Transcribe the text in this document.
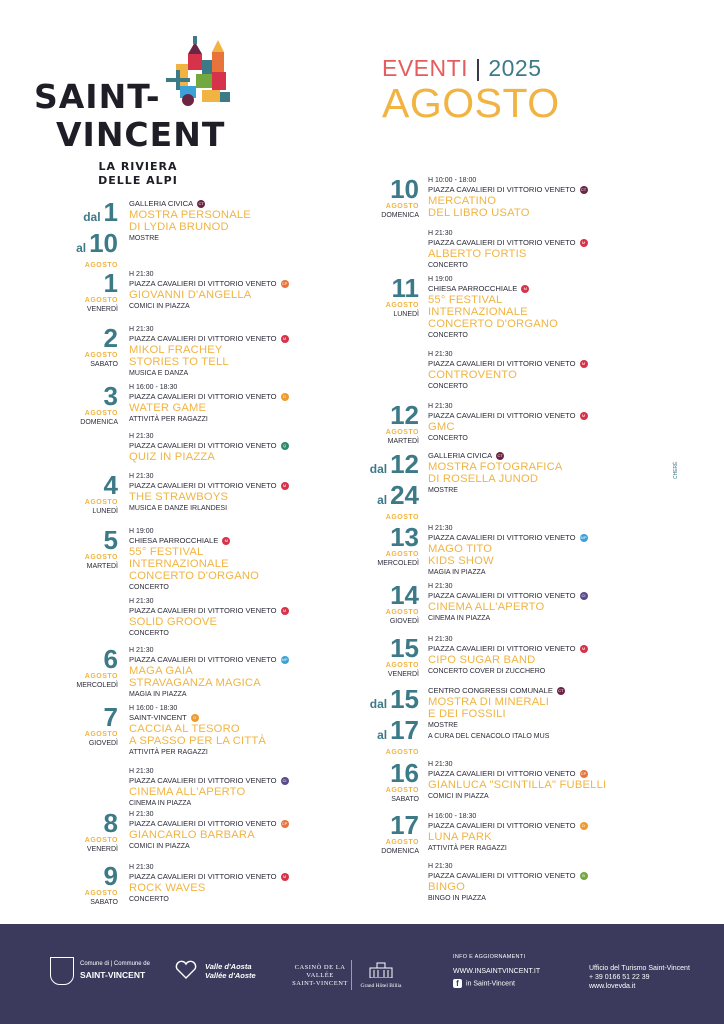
SAINT-
VINCENT
LA RIVIERA
DELLE ALPI
EVENTI | 2025
AGOSTO
dal 1
al 10
AGOSTO
GALLERIA CIVICA CT
MOSTRA PERSONALE
DI LYDIA BRUNOD
MOSTRE
1
AGOSTO
VENERDÌ
H 21:30
PIAZZA CAVALIERI DI VITTORIO VENETO CP
GIOVANNI D'ANGELLA
COMICI IN PIAZZA
2
AGOSTO
SABATO
H 21:30
PIAZZA CAVALIERI DI VITTORIO VENETO M
MIKOL FRACHEY
STORIES TO TELL
MUSICA E DANZA
3
AGOSTO
DOMENICA
H 16:00 - 18:30
PIAZZA CAVALIERI DI VITTORIO VENETO D
WATER GAME
ATTIVITÀ PER RAGAZZI
H 21:30
PIAZZA CAVALIERI DI VITTORIO VENETO Q
QUIZ IN PIAZZA
4
AGOSTO
LUNEDÌ
H 21:30
PIAZZA CAVALIERI DI VITTORIO VENETO M
THE STRAWBOYS
MUSICA E DANZE IRLANDESI
5
AGOSTO
MARTEDÌ
H 19:00
CHIESA PARROCCHIALE M
55° FESTIVAL
INTERNAZIONALE
CONCERTO D'ORGANO
CONCERTO
H 21:30
PIAZZA CAVALIERI DI VITTORIO VENETO M
SOLID GROOVE
CONCERTO
6
AGOSTO
MERCOLEDÌ
H 21:30
PIAZZA CAVALIERI DI VITTORIO VENETO MP
MAGA GAIA
STRAVAGANZA MAGICA
MAGIA IN PIAZZA
7
AGOSTO
GIOVEDÌ
H 16:00 - 18:30
SAINT-VINCENT D
CACCIA AL TESORO
A SPASSO PER LA CITTÀ
ATTIVITÀ PER RAGAZZI
H 21:30
PIAZZA CAVALIERI DI VITTORIO VENETO CI
CINEMA ALL'APERTO
CINEMA IN PIAZZA
8
AGOSTO
VENERDÌ
H 21:30
PIAZZA CAVALIERI DI VITTORIO VENETO CP
GIANCARLO BARBARA
COMICI IN PIAZZA
9
AGOSTO
SABATO
H 21:30
PIAZZA CAVALIERI DI VITTORIO VENETO M
ROCK WAVES
CONCERTO
10
AGOSTO
DOMENICA
H 10:00 - 18:00
PIAZZA CAVALIERI DI VITTORIO VENETO CT
MERCATINO
DEL LIBRO USATO
H 21:30
PIAZZA CAVALIERI DI VITTORIO VENETO M
ALBERTO FORTIS
CONCERTO
11
AGOSTO
LUNEDÌ
H 19:00
CHIESA PARROCCHIALE M
55° FESTIVAL
INTERNAZIONALE
CONCERTO D'ORGANO
CONCERTO
H 21:30
PIAZZA CAVALIERI DI VITTORIO VENETO M
CONTROVENTO
CONCERTO
12
AGOSTO
MARTEDÌ
H 21:30
PIAZZA CAVALIERI DI VITTORIO VENETO M
GMC
CONCERTO
dal 12
al 24
AGOSTO
GALLERIA CIVICA CT
MOSTRA FOTOGRAFICA
DI ROSELLA JUNOD
MOSTRE
13
AGOSTO
MERCOLEDÌ
H 21:30
PIAZZA CAVALIERI DI VITTORIO VENETO MP
MAGO TITO
KIDS SHOW
MAGIA IN PIAZZA
14
AGOSTO
GIOVEDÌ
H 21:30
PIAZZA CAVALIERI DI VITTORIO VENETO CI
CINEMA ALL'APERTO
CINEMA IN PIAZZA
15
AGOSTO
VENERDÌ
H 21:30
PIAZZA CAVALIERI DI VITTORIO VENETO M
CIPO SUGAR BAND
CONCERTO COVER DI ZUCCHERO
dal 15
al 17
AGOSTO
CENTRO CONGRESSI COMUNALE CT
MOSTRA DI MINERALI
E DEI FOSSILI
MOSTRE
A CURA DEL CENACOLO ITALO MUS
16
AGOSTO
SABATO
H 21:30
PIAZZA CAVALIERI DI VITTORIO VENETO CP
GIANLUCA "SCINTILLA" FUBELLI
COMICI IN PIAZZA
17
AGOSTO
DOMENICA
H 16:00 - 18:30
PIAZZA CAVALIERI DI VITTORIO VENETO D
LUNA PARK
ATTIVITÀ PER RAGAZZI
H 21:30
PIAZZA CAVALIERI DI VITTORIO VENETO B
BINGO
BINGO IN PIAZZA
CHERÈ
Comune di | Commune de
SAINT-VINCENT
Valle d'Aosta
Vallée d'Aoste
CASINÒ DE LA VALLÉE
SAINT-VINCENT	Grand Hôtel Billia
INFO E AGGIORNAMENTI
WWW.INSAINTVINCENT.IT
f in Saint-Vincent
Ufficio del Turismo Saint-Vincent
+ 39 0166 51 22 39
www.lovevda.it
